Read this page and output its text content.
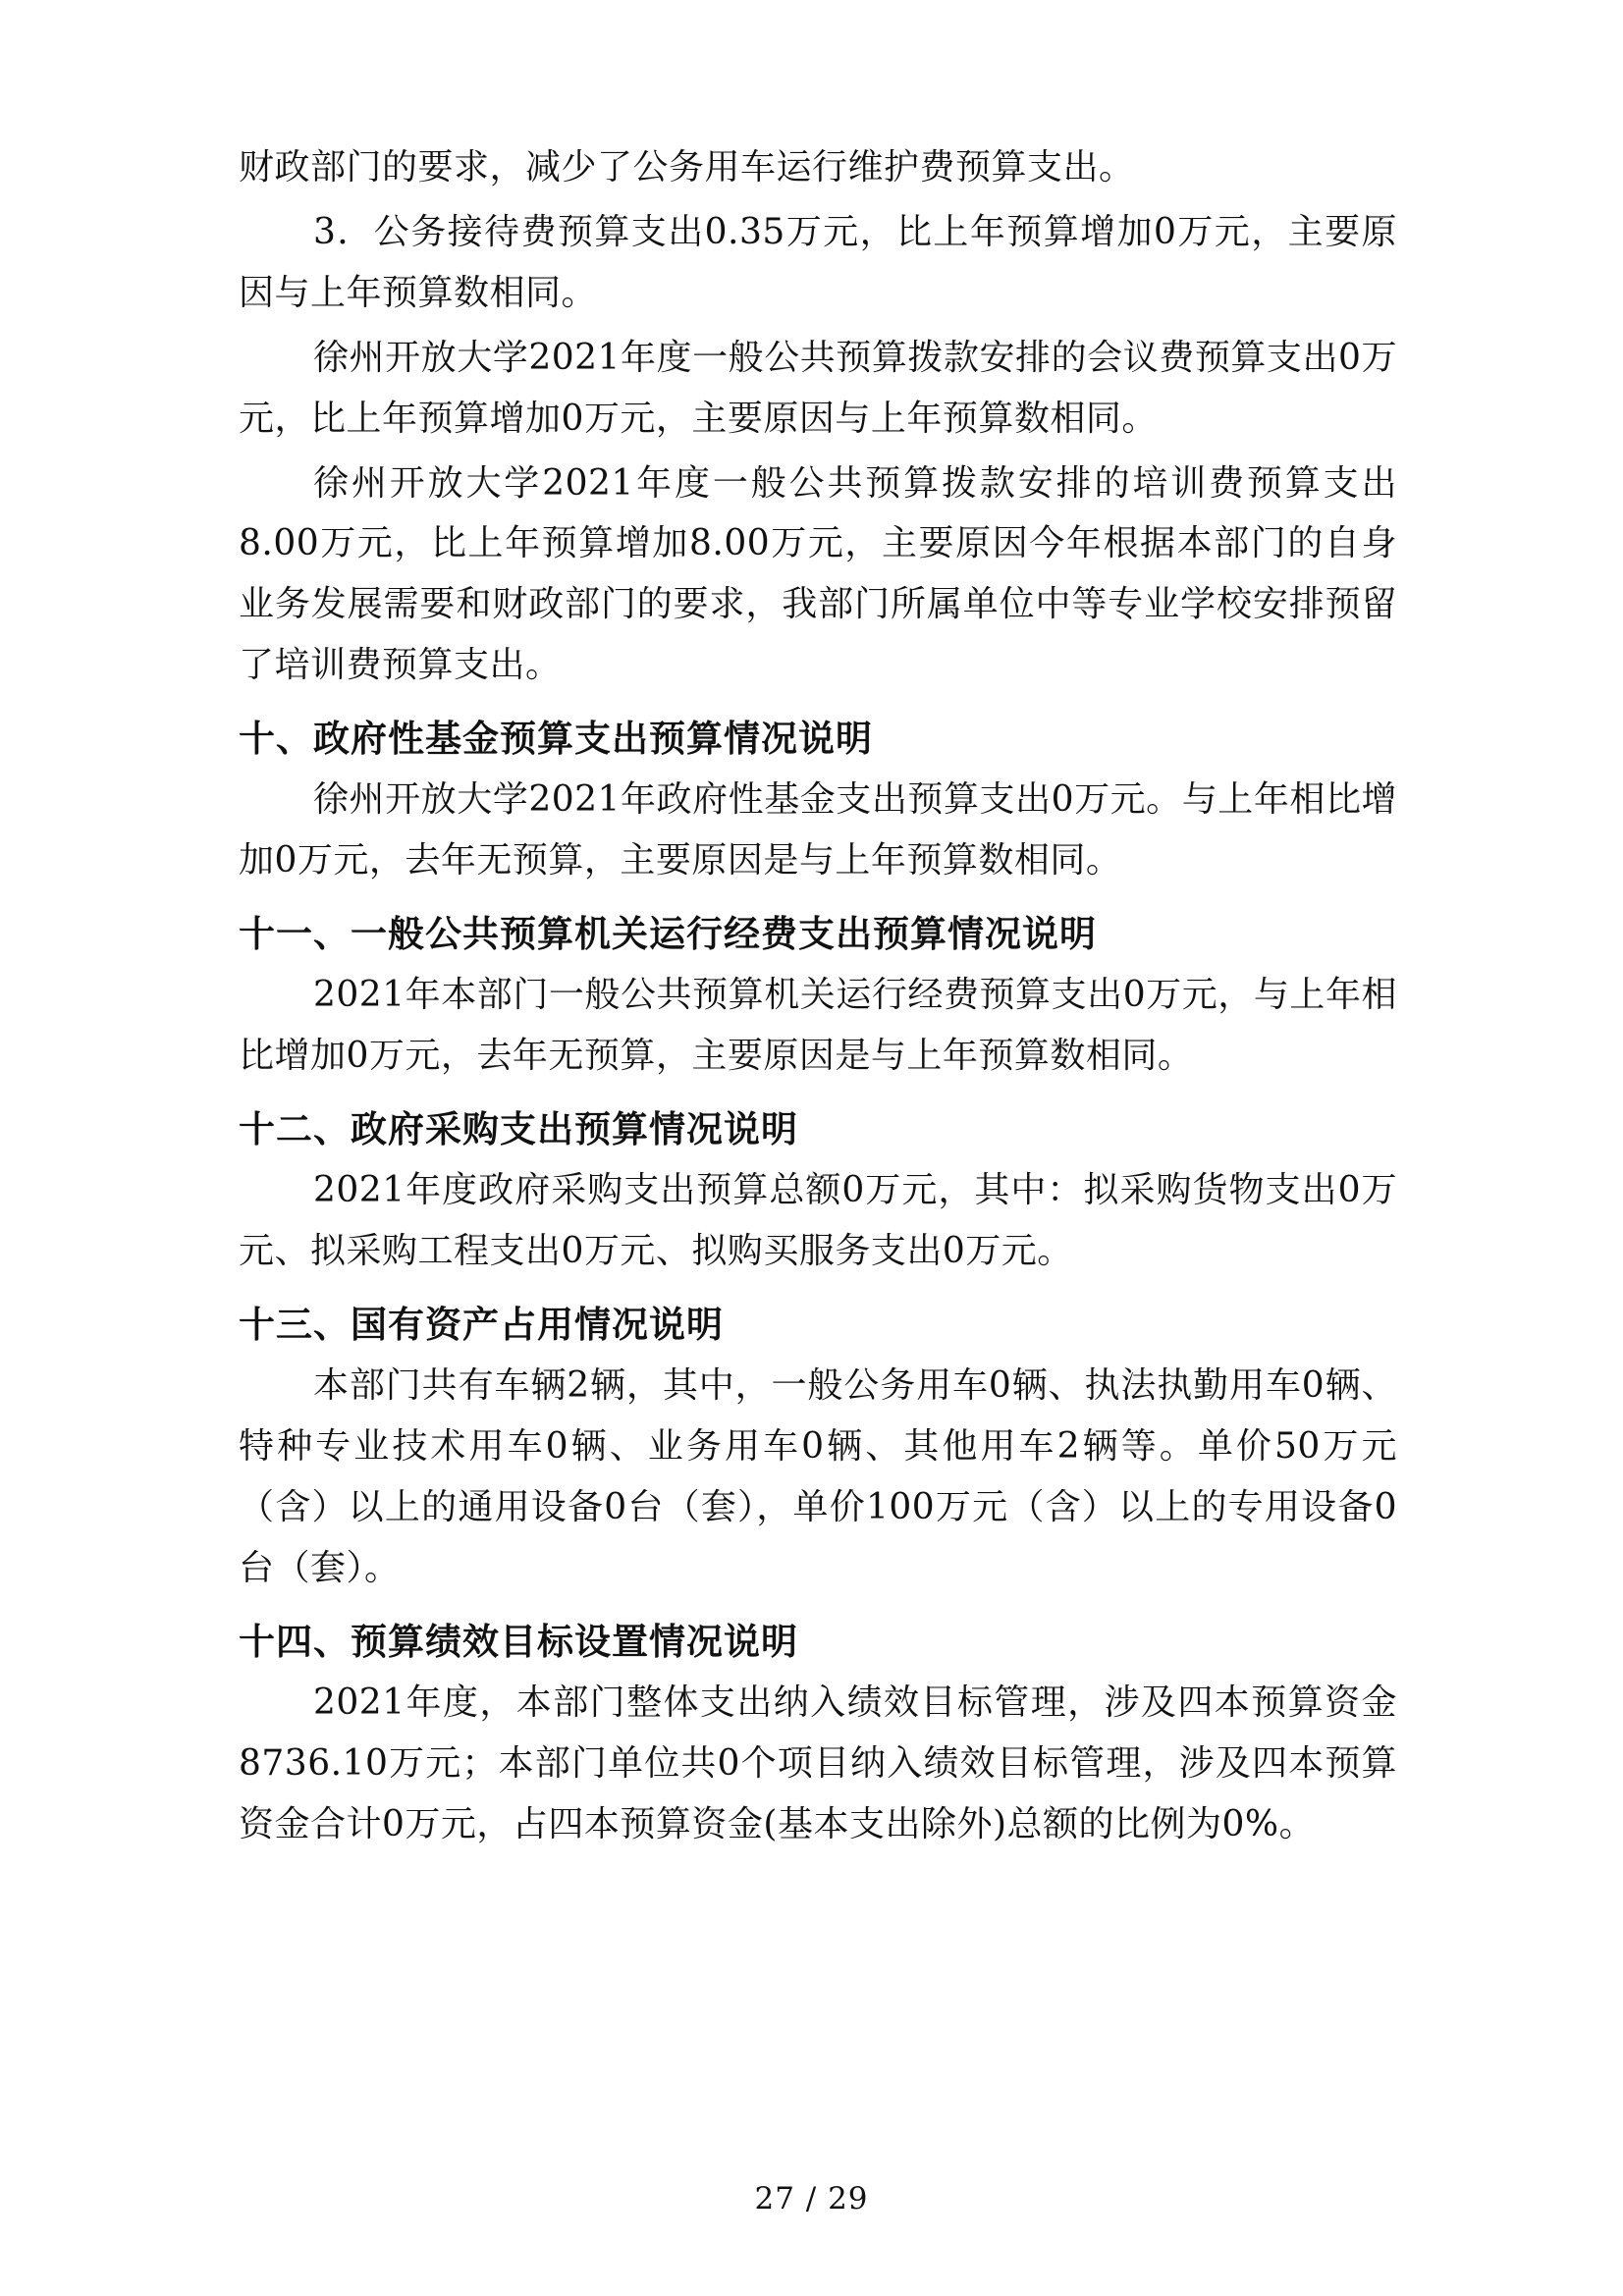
财政部门的要求，减少了公务用车运行维护费预算支出。

3．公务接待费预算支出0.35万元，比上年预算增加0万元，主要原因与上年预算数相同。

徐州开放大学2021年度一般公共预算拨款安排的会议费预算支出0万元，比上年预算增加0万元，主要原因与上年预算数相同。

徐州开放大学2021年度一般公共预算拨款安排的培训费预算支出8.00万元，比上年预算增加8.00万元，主要原因今年根据本部门的自身业务发展需要和财政部门的要求，我部门所属单位中等专业学校安排预留了培训费预算支出。

十、政府性基金预算支出预算情况说明

徐州开放大学2021年政府性基金支出预算支出0万元。与上年相比增加0万元，去年无预算，主要原因是与上年预算数相同。

十一、一般公共预算机关运行经费支出预算情况说明

2021年本部门一般公共预算机关运行经费预算支出0万元，与上年相比增加0万元，去年无预算，主要原因是与上年预算数相同。

十二、政府采购支出预算情况说明

2021年度政府采购支出预算总额0万元，其中：拟采购货物支出0万元、拟采购工程支出0万元、拟购买服务支出0万元。

十三、国有资产占用情况说明

本部门共有车辆2辆，其中，一般公务用车0辆、执法执勤用车0辆、特种专业技术用车0辆、业务用车0辆、其他用车2辆等。单价50万元（含）以上的通用设备0台（套），单价100万元（含）以上的专用设备0台（套）。

十四、预算绩效目标设置情况说明

2021年度，本部门整体支出纳入绩效目标管理，涉及四本预算资金8736.10万元；本部门单位共0个项目纳入绩效目标管理，涉及四本预算资金合计0万元，占四本预算资金(基本支出除外)总额的比例为0%。

27 / 29
